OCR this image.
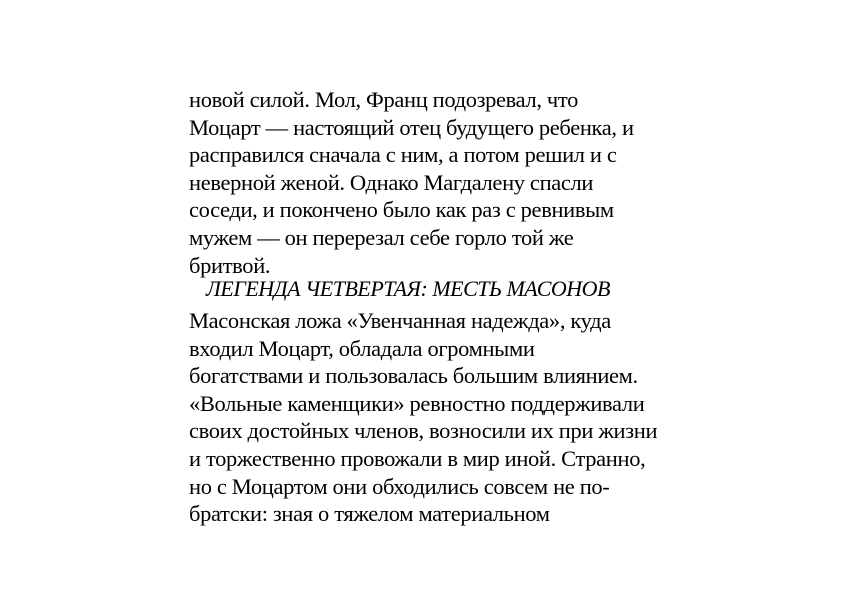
новой силой. Мол, Франц подозревал, что
Моцарт — настоящий отец будущего ребенка, и
расправился сначала с ним, а потом решил и с
неверной женой. Однако Магдалену спасли
соседи, и покончено было как раз с ревнивым
мужем — он перерезал себе горло той же
бритвой.
ЛЕГЕНДА ЧЕТВЕРТАЯ: МЕСТЬ МАСОНОВ
Масонская ложа «Увенчанная надежда», куда
входил Моцарт, обладала огромными
богатствами и пользовалась большим влиянием.
«Вольные каменщики» ревностно поддерживали
своих достойных членов, возносили их при жизни
и торжественно провожали в мир иной. Странно,
но с Моцартом они обходились совсем не по-
братски: зная о тяжелом материальном
